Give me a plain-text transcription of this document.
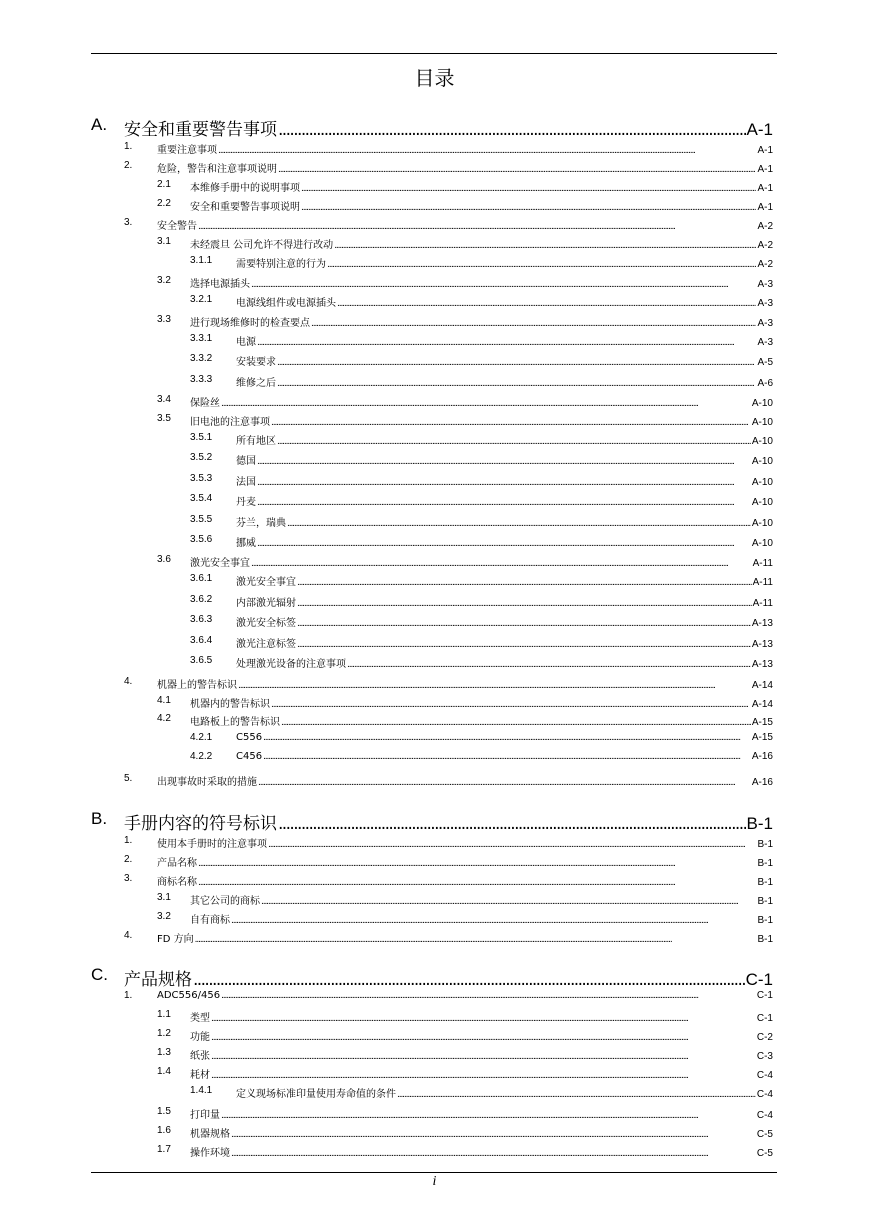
目录
A. 安全和重要警告事项 . . .	A-1
1. 重要注意事项 . . .	A-1
2. 危险，警告和注意事项说明 . . .	A-1
2.1 本维修手册中的说明事项 . . .	A-1
2.2 安全和重要警告事项说明 . . .	A-1
3. 安全警告 . . .	A-2
3.1 未经震旦 公司允许不得进行改动 . . .	A-2
3.1.1 需要特别注意的行为 . . .	A-2
3.2 选择电源插头 . . .	A-3
3.2.1 电源线组件或电源插头 . . .	A-3
3.3 进行现场维修时的检查要点 . . .	A-3
3.3.1 电源 . . .	A-3
3.3.2 安装要求 . . .	A-5
3.3.3 维修之后 . . .	A-6
3.4 保险丝 . . .	A-10
3.5 旧电池的注意事项 . . .	A-10
3.5.1 所有地区 . . .	A-10
3.5.2 德国 . . .	A-10
3.5.3 法国 . . .	A-10
3.5.4 丹麦 . . .	A-10
3.5.5 芬兰，瑞典 . . .	A-10
3.5.6 挪威 . . .	A-10
3.6 激光安全事宜 . . .	A-11
3.6.1 激光安全事宜 . . .	A-11
3.6.2 内部激光辐射 . . .	A-11
3.6.3 激光安全标签 . . .	A-13
3.6.4 激光注意标签 . . .	A-13
3.6.5 处理激光设备的注意事项 . . .	A-13
4. 机器上的警告标识 . . .	A-14
4.1 机器内的警告标识 . . .	A-14
4.2 电路板上的警告标识 . . .	A-15
4.2.1 C556 . . .	A-15
4.2.2 C456 . . .	A-16
5. 出现事故时采取的措施 . . .	A-16
B. 手册内容的符号标识 . . .	B-1
1. 使用本手册时的注意事项 . . .	B-1
2. 产品名称 . . .	B-1
3. 商标名称 . . .	B-1
3.1 其它公司的商标 . . .	B-1
3.2 自有商标 . . .	B-1
4. FD 方向 . . .	B-1
C. 产品规格 . . .	C-1
1. ADC556/456 . . .	C-1
1.1 类型 . . .	C-1
1.2 功能 . . .	C-2
1.3 纸张 . . .	C-3
1.4 耗材 . . .	C-4
1.4.1 定义现场标准印量使用寿命值的条件 . . .	C-4
1.5 打印量 . . .	C-4
1.6 机器规格 . . .	C-5
1.7 操作环境 . . .	C-5
i
